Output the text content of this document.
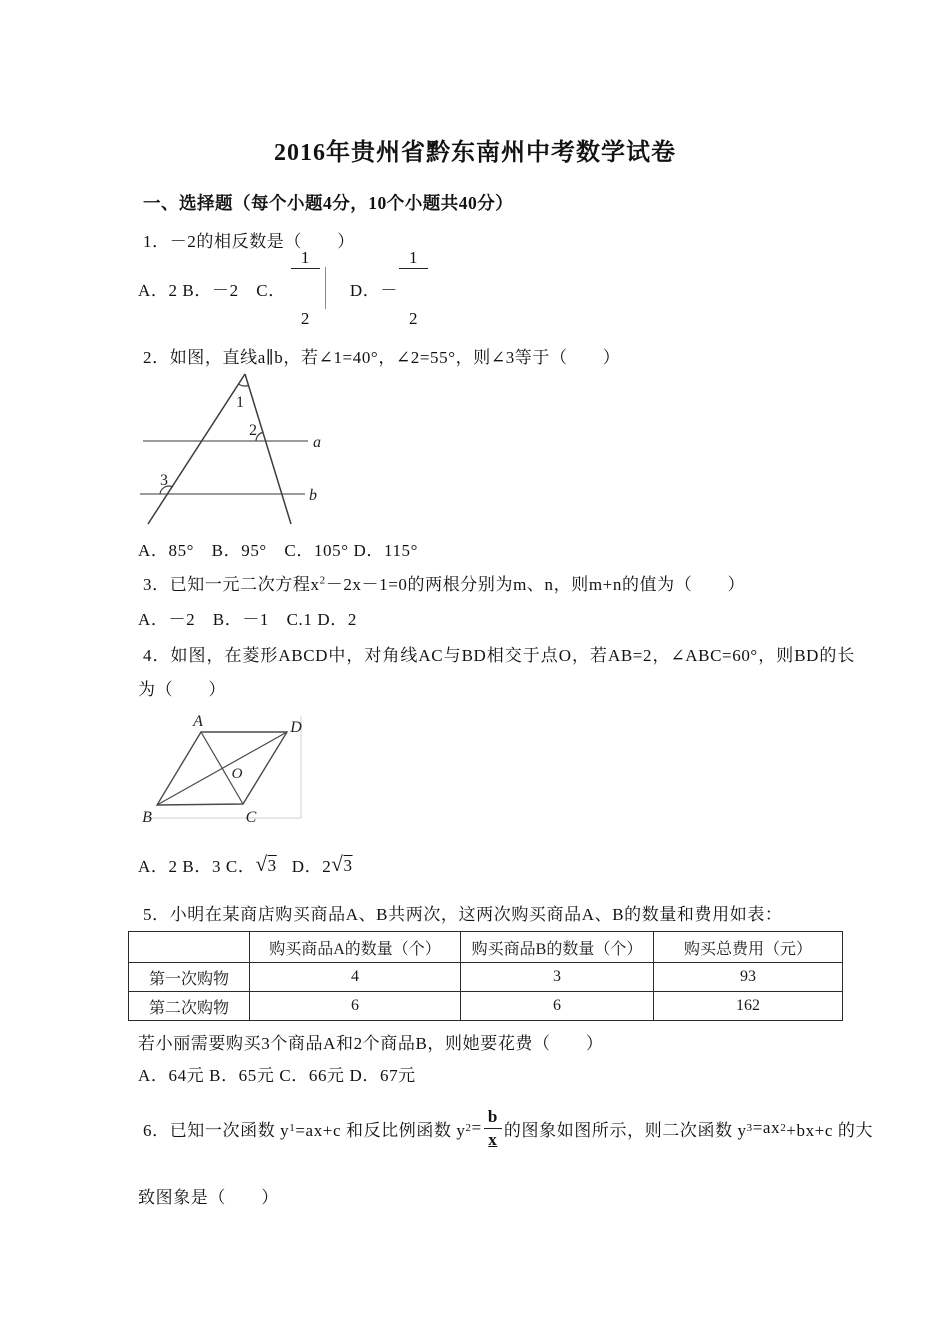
2016年贵州省黔东南州中考数学试卷
一、选择题（每个小题4分，10个小题共40分）
1．－2的相反数是（　　）
A．2 B．－2　C．

$\frac{1}{2}$

D．－

$\frac{1}{2}$

2．如图，直线a∥b，若∠1=40°，∠2=55°，则∠3等于（　　）
1
2
3
a
b
A．85°　B．95°　C．105° D．115°
3．已知一元二次方程$x^2-2x-1=0$的两根分别为m、n，则m+n的值为（　　）
A．－2　B．－1　C.1 D．2
4．如图，在菱形ABCD中，对角线AC与BD相交于点O，若AB=2，∠ABC=60°，则BD的长
为（　　）
A	D
B	C
O
A．2 B．3 C． √3 D．2 √3
5．小明在某商店购买商品A、B共两次，这两次购买商品A、B的数量和费用如表：
	购买商品A的数量（个）	购买商品B的数量（个）	购买总费用（元）
第一次购物	4	3	93
第二次购物	6	6	162
若小丽需要购买3个商品A和2个商品B，则她要花费（　　）
A．64元 B．65元 C．66元 D．67元
6．已知一次函数 y 1 =ax+c 和反比例函数 y $2 = \frac{b}{x}$ 的图象如图所示，则二次函数 y 3 =ax 2 +bx+c 的大
致图象是（　　）
